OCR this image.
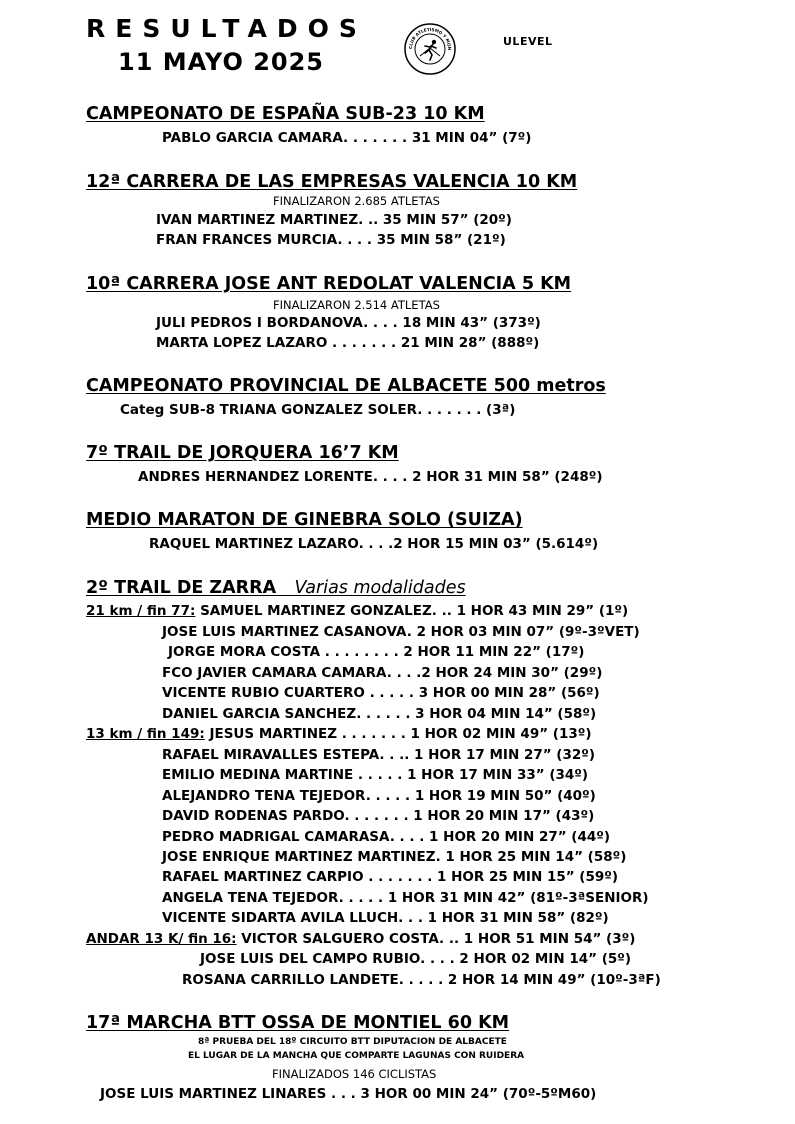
RESULTADOS
11 MAYO 2025
CLUB ATLETISMO Y MON
ULEVEL
CAMPEONATO DE ESPAÑA SUB-23 10 KM
PABLO GARCIA CAMARA. . . . . . . 31 MIN 04” (7º)
12ª CARRERA DE LAS EMPRESAS VALENCIA 10 KM
FINALIZARON 2.685 ATLETAS
IVAN MARTINEZ MARTINEZ. .. 35 MIN 57” (20º)
FRAN FRANCES MURCIA. . . . 35 MIN 58” (21º)
10ª CARRERA JOSE ANT REDOLAT VALENCIA 5 KM
FINALIZARON 2.514 ATLETAS
JULI PEDROS I BORDANOVA. . . . 18 MIN 43” (373º)
MARTA LOPEZ LAZARO . . . . . . . 21 MIN 28” (888º)
CAMPEONATO PROVINCIAL DE ALBACETE 500 metros
Categ SUB-8 TRIANA GONZALEZ SOLER. . . . . . . (3ª)
7º TRAIL DE JORQUERA 16’7 KM
ANDRES HERNANDEZ LORENTE. . . . 2 HOR 31 MIN 58” (248º)
MEDIO MARATON DE GINEBRA SOLO (SUIZA)
RAQUEL MARTINEZ LAZARO. . . .2 HOR 15 MIN 03” (5.614º)
2º TRAIL DE ZARRA Varias modalidades
21 km / fin 77: SAMUEL MARTINEZ GONZALEZ. .. 1 HOR 43 MIN 29” (1º)
JOSE LUIS MARTINEZ CASANOVA. 2 HOR 03 MIN 07” (9º-3ºVET)
JORGE MORA COSTA . . . . . . . . 2 HOR 11 MIN 22” (17º)
FCO JAVIER CAMARA CAMARA. . . .2 HOR 24 MIN 30” (29º)
VICENTE RUBIO CUARTERO . . . . . 3 HOR 00 MIN 28” (56º)
DANIEL GARCIA SANCHEZ. . . . . . 3 HOR 04 MIN 14” (58º)
13 km / fin 149: JESUS MARTINEZ . . . . . . . 1 HOR 02 MIN 49” (13º)
RAFAEL MIRAVALLES ESTEPA. . .. 1 HOR 17 MIN 27” (32º)
EMILIO MEDINA MARTINE . . . . . 1 HOR 17 MIN 33” (34º)
ALEJANDRO TENA TEJEDOR. . . . . 1 HOR 19 MIN 50” (40º)
DAVID RODENAS PARDO. . . . . . . 1 HOR 20 MIN 17” (43º)
PEDRO MADRIGAL CAMARASA. . . . 1 HOR 20 MIN 27” (44º)
JOSE ENRIQUE MARTINEZ MARTINEZ. 1 HOR 25 MIN 14” (58º)
RAFAEL MARTINEZ CARPIO . . . . . . . 1 HOR 25 MIN 15” (59º)
ANGELA TENA TEJEDOR. . . . . 1 HOR 31 MIN 42” (81º-3ªSENIOR)
VICENTE SIDARTA AVILA LLUCH. . . 1 HOR 31 MIN 58” (82º)
ANDAR 13 K/ fin 16: VICTOR SALGUERO COSTA. .. 1 HOR 51 MIN 54” (3º)
JOSE LUIS DEL CAMPO RUBIO. . . . 2 HOR 02 MIN 14” (5º)
ROSANA CARRILLO LANDETE. . . . . 2 HOR 14 MIN 49” (10º-3ªF)
17ª MARCHA BTT OSSA DE MONTIEL 60 KM
8ª PRUEBA DEL 18º CIRCUITO BTT DIPUTACION DE ALBACETE
EL LUGAR DE LA MANCHA QUE COMPARTE LAGUNAS CON RUIDERA
FINALIZADOS 146 CICLISTAS
JOSE LUIS MARTINEZ LINARES . . . 3 HOR 00 MIN 24” (70º-5ºM60)
